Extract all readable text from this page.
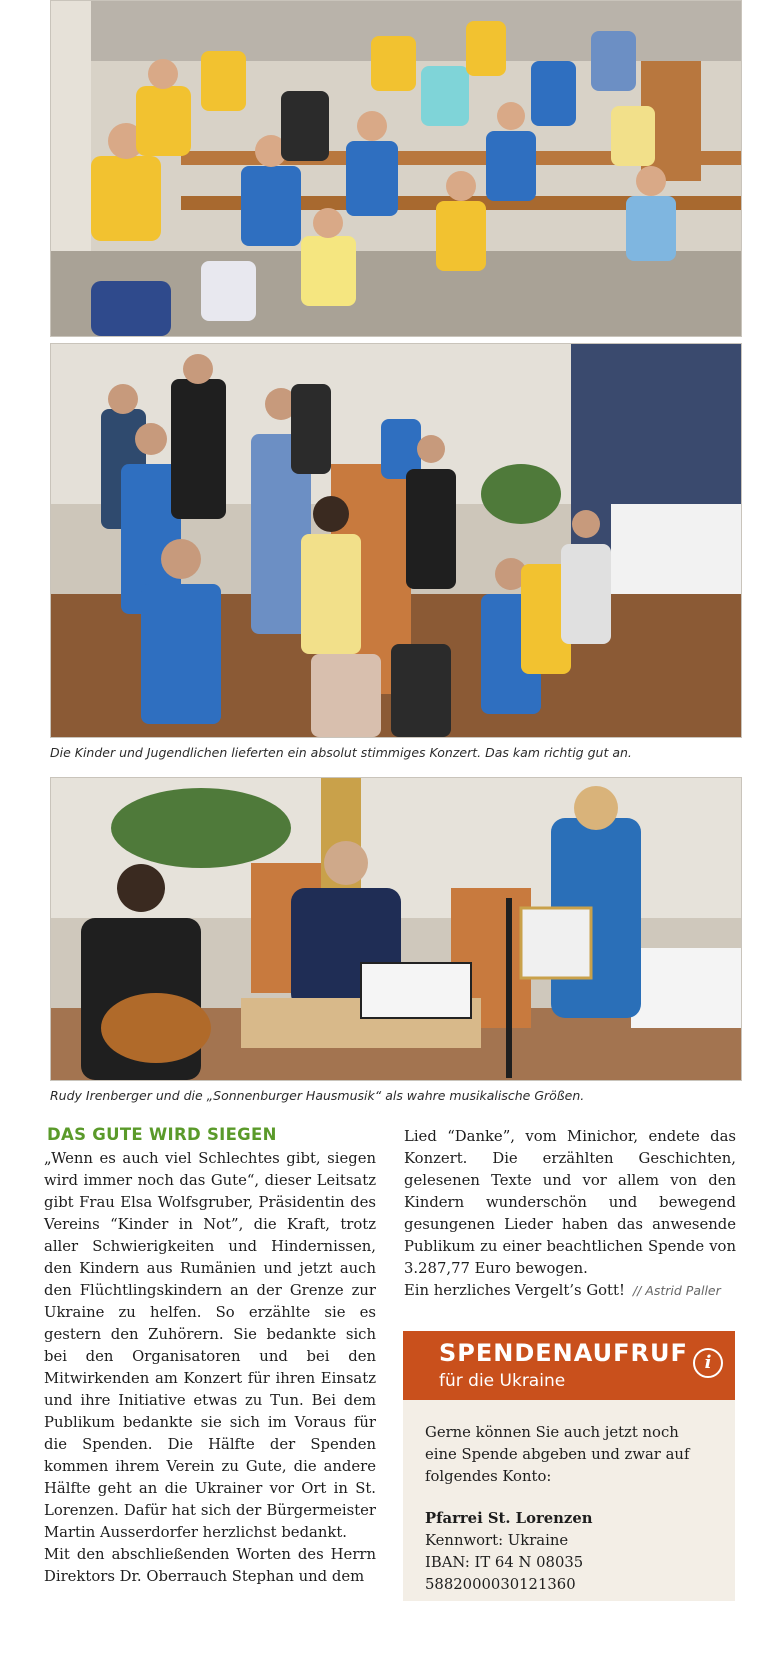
Die Kinder und Jugendlichen lieferten ein absolut stimmiges Konzert. Das kam richtig gut an.
Rudy Irenberger und die „Sonnenburger Hausmusik“ als wahre musikalische Größen.
DAS GUTE WIRD SIEGEN

„Wenn es auch viel Schlechtes gibt, siegen wird immer noch das Gute“, dieser Leitsatz gibt Frau Elsa Wolfsgruber, Präsidentin des Vereins “Kinder in Not”, die Kraft, trotz aller Schwierigkeiten und Hindernissen, den Kindern aus Rumänien und jetzt auch den Flüchtlingskindern an der Grenze zur Ukraine zu helfen. So erzählte sie es gestern den Zuhörern. Sie bedankte sich bei den Organisatoren und bei den Mitwirkenden am Konzert für ihren Einsatz und ihre Initiative etwas zu Tun. Bei dem Publikum bedankte sie sich im Voraus für die Spenden. Die Hälfte der Spenden kommen ihrem Verein zu Gute, die andere Hälfte geht an die Ukrainer vor Ort in St. Lorenzen. Dafür hat sich der Bürgermeister Martin Ausserdorfer herzlichst bedankt.

Mit den abschließenden Worten des Herrn Direktors Dr. Oberrauch Stephan und dem

Lied “Danke”, vom Minichor, endete das Konzert. Die erzählten Geschichten, gelesenen Texte und vor allem von den Kindern wunderschön und bewegend gesungenen Lieder haben das anwesende Publikum zu einer beachtlichen Spende von 3.287,77 Euro bewogen.

Ein herzliches Vergelt’s Gott! // Astrid Paller

SPENDENAUFRUF
für die Ukraine
i

Gerne können Sie auch jetzt noch eine Spende abgeben und zwar auf folgendes Konto:

Pfarrei St. Lorenzen
Kennwort: Ukraine
IBAN: IT 64 N 08035 5882000030121360
